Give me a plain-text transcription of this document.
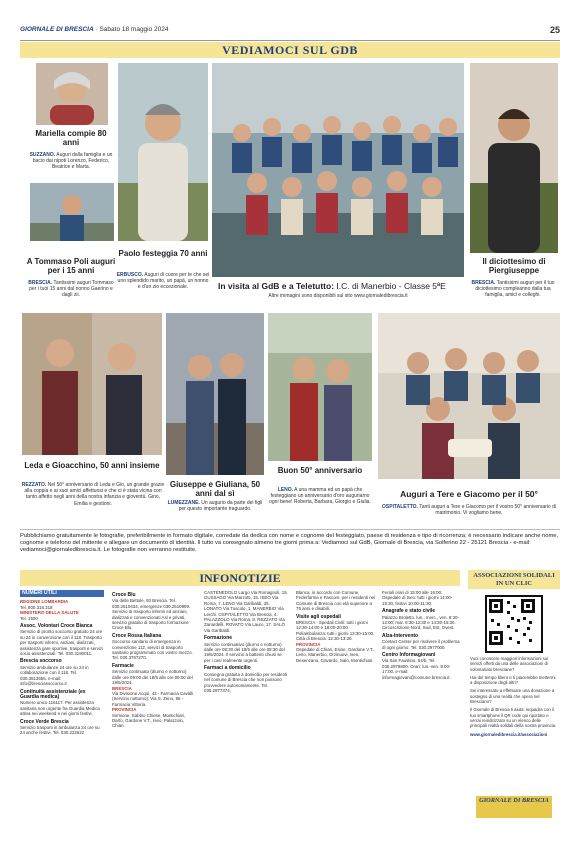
GIORNALE DI BRESCIA · Sabato 18 maggio 2024	25
VEDIAMOCI SUL GDB
Mariella compie 80 anni
SUZZANO. Auguri dalla famiglia e un bacio dai nipoti Lorenzo, Federico, Beatrice e Marta.
A Tommaso Poli auguri per i 15 anni
BRESCIA. Tantissimi auguri Tommaso per i tuoi 15 anni dal nonno Gaerino e dagli zii.
Paolo festeggia 70 anni
ERBUSCO. Auguri di cuore per te che sei uno splendido marito, un papà, un nonno e d'un zio eccezionale.	In visita al GdB e a Teletutto: I.C. di Manerbio - Classe 5ªE
Altre immagini sono disponibili sul sito www.giornaledibrescia.it
Il diciottesimo di Piergiuseppe
BRESCIA. Tantissimi auguri per il tuo diciottesimo compleanno dalla tua famiglia, amici e colleghi.
Leda e Gioacchino, 50 anni insieme
REZZATO. Nel 50° anniversario di Leda e Gio, un grande grazie alla coppia e ai suoi amici affettuosi e che ci è stata vicina con tanto affetto negli anni della nostra infanzia e gioventù. Gino, Emilia e gestioni.
Giuseppe e Giuliana, 50 anni dal sì
LUMEZZANE. Un augurio da parte dei figli per questo importante traguardo.
Buon 50° anniversario
LENO. A una mamma ed un papà che festeggiano un anniversario d'oro auguriamo ogni bene! Roberta, Barbara, Giorgio e Giulia.
Auguri a Tere e Giacomo per il 50°
OSPITALETTO. Tanti auguri a Tere e Giacomo per il vostro 50° anniversario di matrimonio. Vi vogliamo bene.
Pubblichiamo gratuitamente le fotografie, preferibilmente in formato digitale, corredate da dedica con nome e cognome del festeggiato, paese di residenza e tipo di ricorrenza; è necessario indicare anche nome, cognome e telefono del mittente e allegare un documento di identità. Il tutto va consegnato almeno tre giorni prima a: Vediamoci sul GdB, Giornale di Brescia, via Solferino 22 - 25121 Brescia - e-mail: vediamoci@giornaledibrescia.it. Le fotografie non verranno restituite.
INFONOTIZIE
NUMERI UTILI
REGIONE LOMBARDIA
Tel. 800.318.318
MINISTERO DELLA SALUTE
Tel. 1500
Assoc. Volontari Croce Bianca
Servizio di pronto soccorso gratuito 24 ore su 24 in convenzione con il 118. Trasporto per trasporti infermi, anziani, dializzati, assistenza gare sportive, trasporti e servizi socio-assistenziali. Tel. 030.3190011.
Brescia soccorso
Servizio ambulanze 24 ore su 24 in collaborazione con il 118. Tel. 030.3513555. e-mail: info@bresciasoccorso.it
Continuità assistenziale (ex Guardia medica)
Numero unico 116117. Per assistenza sanitaria non urgente fra Guardia Medica attiva nei weekend e nei giorni festivi.
Croce Verde Brescia
Servizio trasporti in ambulanza 24 ore su 24 anche festivi. Tel. 030.222622
Croce Blu
Via delle Bettole, 93 Brescia. Tel. 030.2510434, emergenze 030.2510999. Servizio di trasporto infermi ed anziani, dializzati e convenzionati Asl e privati, servizio gratuito di trasporto formazione Croce Blu.
Croce Rossa Italiana
Soccorso sanitario di emergenza in convenzione 112, servizi di trasporto sanitario programmato con vostro mezzo. Tel. 030.3757270.
Farmacie
Servizio continuato (diurno e notturno) dalle ore 09:00 del 18/5 alle ore 09:00 del 19/5/2024.
BRESCIA
Via Divisione Acqui, 43 - Farmacia Cavalli (Servizio notturno); Via S. Zeno, 95 - Farmacia Vittoria.
PROVINCIA
Sirmione, Sabbio Chiese, Montichiari, Darfo, Gardone V.T., Iseo, Palazzolo, Chiari.
CASTENEDOLO Largo Via Romagnoli, 15. GUSSAGO Via Marzotti, 15. ISEO Via Roma, 7. LENO Via Garibaldi, 25. LONATO Via Tuscolo, 1. MANERBIO Via Lerchi. OSPITALETTO Via Brescia, 4. PALAZZOLO Via Roma, 8. REZZATO Via Zanardelli. ROVATO Via Lauro, 17. SALÒ Via Garibaldi.
Formazione
Servizio continuativo (diurno e notturno) dalle ore 08:30 del 18/5 alle ore 08:30 del 19/5/2024. Il servizio a battenti chiusi se per i casi realmente urgenti.
Farmaci a domicilio
Consegna gratuita a domicilio per residenti nel comune di Brescia che non possono provvedere autonomamente. Tel. 030.2977374.
Blanca, in accordo con Comune, Federfarma e Fascom: per i residenti nel Comune di Brescia con età superiore a 75 anni e disabili.
Visite agli ospedali
BRESCIA - Spedali Civili: tutti i giorni 12:30-14:00 e 18:00-20:00. Poliambulanza: tutti i giorni 13:30-15:00. Città di Brescia: 12:30-13:30.
PROVINCIA
Ospedale di Chiari, Esine, Gardone V.T., Leno, Manerbio, Orzinuovi, Iseo, Desenzano, Gavardo, Salò, Montichiari.
Feriali orari di 15:00 alle 16:00. Ospedale di Iseo: tutti i giorni 14:00-15:30, festivi 10:00-11:30.
Anagrafe e stato civile
Palazzo Broletto, lun., merc., ven. 8:30-12:00; mar. 8:30-12:30 e 14:30-15:30. Circoscrizione Nord, Sud, Est, Ovest.
Alza-Intervento
Contact Center per risolvere il problema di ogni giorno. Tel. 030.2977000.
Centro Informagiovani
Via San Faustino, 64/b. Tel. 030.2978800. Orari: lun.-ven. 9:00-17:00. e-mail: informagiovani@comune.brescia.it.
ASSOCIAZIONI SOLIDALI IN UN CLIC

Vuoi conoscere maggiori informazioni sui servizi offerti da una delle associazioni di volontariato bresciane?

Hai del tempo libero e ti piacerebbe mettermi a disposizione degli altri?

Sei interessato a effettuare una donazione a sostegno di una realtà che opera nel Bresciano?

Il Giornale di Brescia ti aiuta: inquadra con il tuo smartphone il QR code qui riportato e verrai reindirizzato su un elenco delle principali realtà solidali della nostra provincia.

www.giornaledibrescia.it/associazioni

GIORNALE DI BRESCIA
